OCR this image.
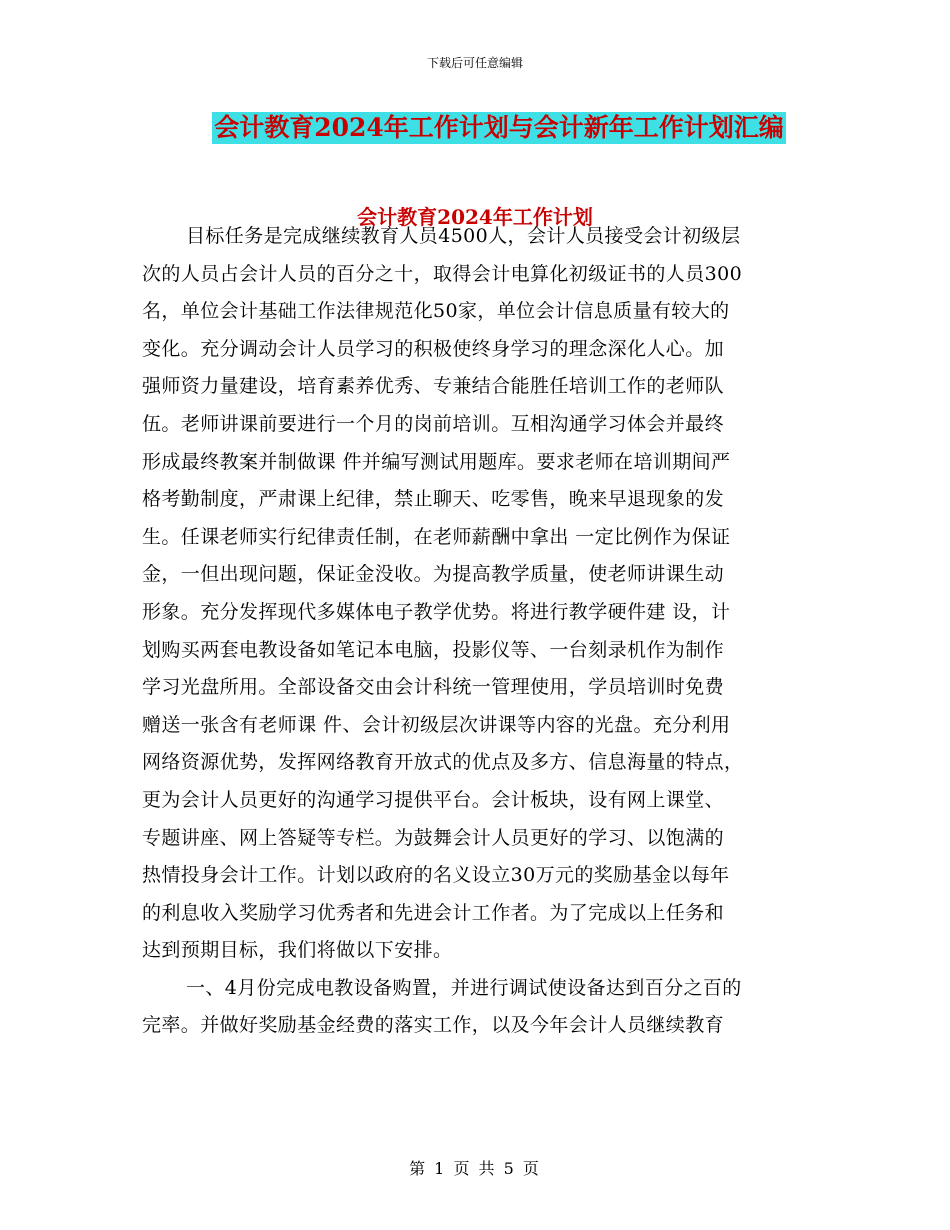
下载后可任意编辑
会计教育2024年工作计划与会计新年工作计划汇编
会计教育2024年工作计划
目标任务是完成继续教育人员4500人，会计人员接受会计初级层
次的人员占会计人员的百分之十，取得会计电算化初级证书的人员300
名，单位会计基础工作法律规范化50家，单位会计信息质量有较大的
变化。充分调动会计人员学习的积极使终身学习的理念深化人心。加
强师资力量建设，培育素养优秀、专兼结合能胜任培训工作的老师队
伍。老师讲课前要进行一个月的岗前培训。互相沟通学习体会并最终
形成最终教案并制做课 件并编写测试用题库。要求老师在培训期间严
格考勤制度，严肃课上纪律，禁止聊天、吃零售，晚来早退现象的发
生。任课老师实行纪律责任制，在老师薪酬中拿出 一定比例作为保证
金，一但出现问题，保证金没收。为提高教学质量，使老师讲课生动
形象。充分发挥现代多媒体电子教学优势。将进行教学硬件建 设，计
划购买两套电教设备如笔记本电脑，投影仪等、一台刻录机作为制作
学习光盘所用。全部设备交由会计科统一管理使用，学员培训时免费
赠送一张含有老师课 件、会计初级层次讲课等内容的光盘。充分利用
网络资源优势，发挥网络教育开放式的优点及多方、信息海量的特点，
更为会计人员更好的沟通学习提供平台。会计板块，设有网上课堂、
专题讲座、网上答疑等专栏。为鼓舞会计人员更好的学习、以饱满的
热情投身会计工作。计划以政府的名义设立30万元的奖励基金以每年
的利息收入奖励学习优秀者和先进会计工作者。为了完成以上任务和
达到预期目标，我们将做以下安排。
一、4月份完成电教设备购置，并进行调试使设备达到百分之百的
完率。并做好奖励基金经费的落实工作，以及今年会计人员继续教育
第 1 页 共 5 页
